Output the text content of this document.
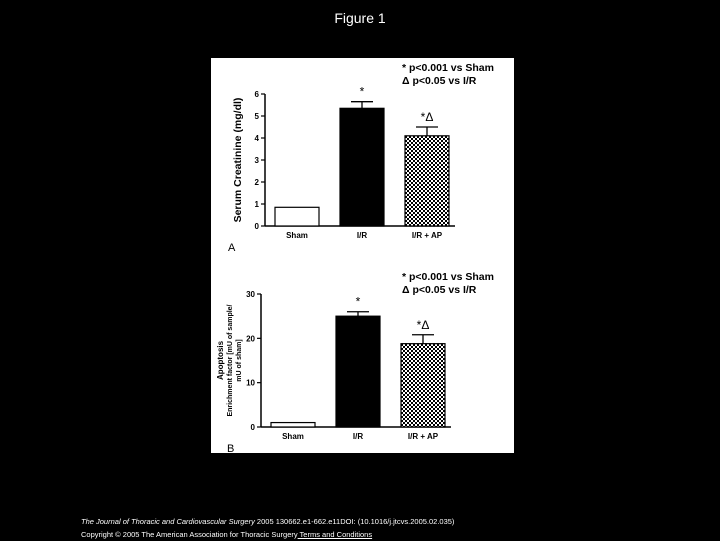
Figure 1
0
1
2
3
4
5
6
Serum Creatinine (mg/dl)
Sham
*
I/R
*Δ
I/R + AP
* p<0.001 vs Sham
Δ p<0.05 vs I/R
A
0
10
20
30
Apoptosis Enrichment factor [mU of sample/ mU of sham]
Sham
*
I/R
*Δ
I/R + AP
* p<0.001 vs Sham
Δ p<0.05 vs I/R
B
The Journal of Thoracic and Cardiovascular Surgery 2005 130662.e1-662.e11DOI: (10.1016/j.jtcvs.2005.02.035)
Copyright © 2005 The American Association for Thoracic Surgery Terms and Conditions
